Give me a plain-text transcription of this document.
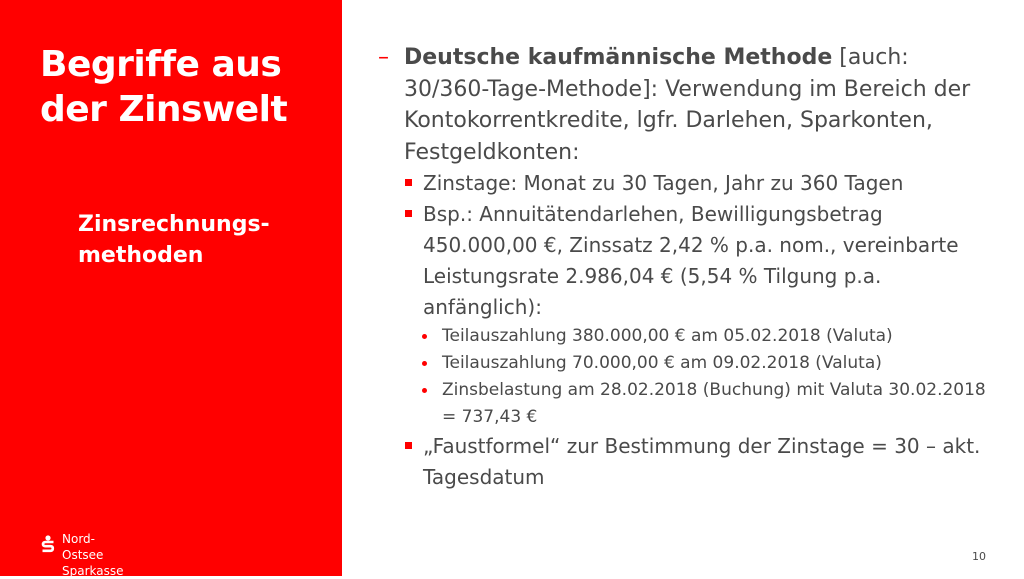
Begriffe aus
der Zinswelt
Zinsrechnungs-
methoden
Nord-Ostsee
Sparkasse
– Deutsche kaufmännische Methode [auch: 30/360-Tage-Methode]: Verwendung im Bereich der Kontokorrentkredite, lgfr. Darlehen, Sparkonten, Festgeldkonten:
Zinstage: Monat zu 30 Tagen, Jahr zu 360 Tagen
Bsp.: Annuitätendarlehen, Bewilligungsbetrag 450.000,00 €, Zinssatz 2,42 % p.a. nom., vereinbarte Leistungsrate 2.986,04 € (5,54 % Tilgung p.a. anfänglich):
Teilauszahlung 380.000,00 € am 05.02.2018 (Valuta)
Teilauszahlung 70.000,00 € am 09.02.2018 (Valuta)
Zinsbelastung am 28.02.2018 (Buchung) mit Valuta 30.02.2018 = 737,43 €
„Faustformel“ zur Bestimmung der Zinstage = 30 – akt. Tagesdatum
10
